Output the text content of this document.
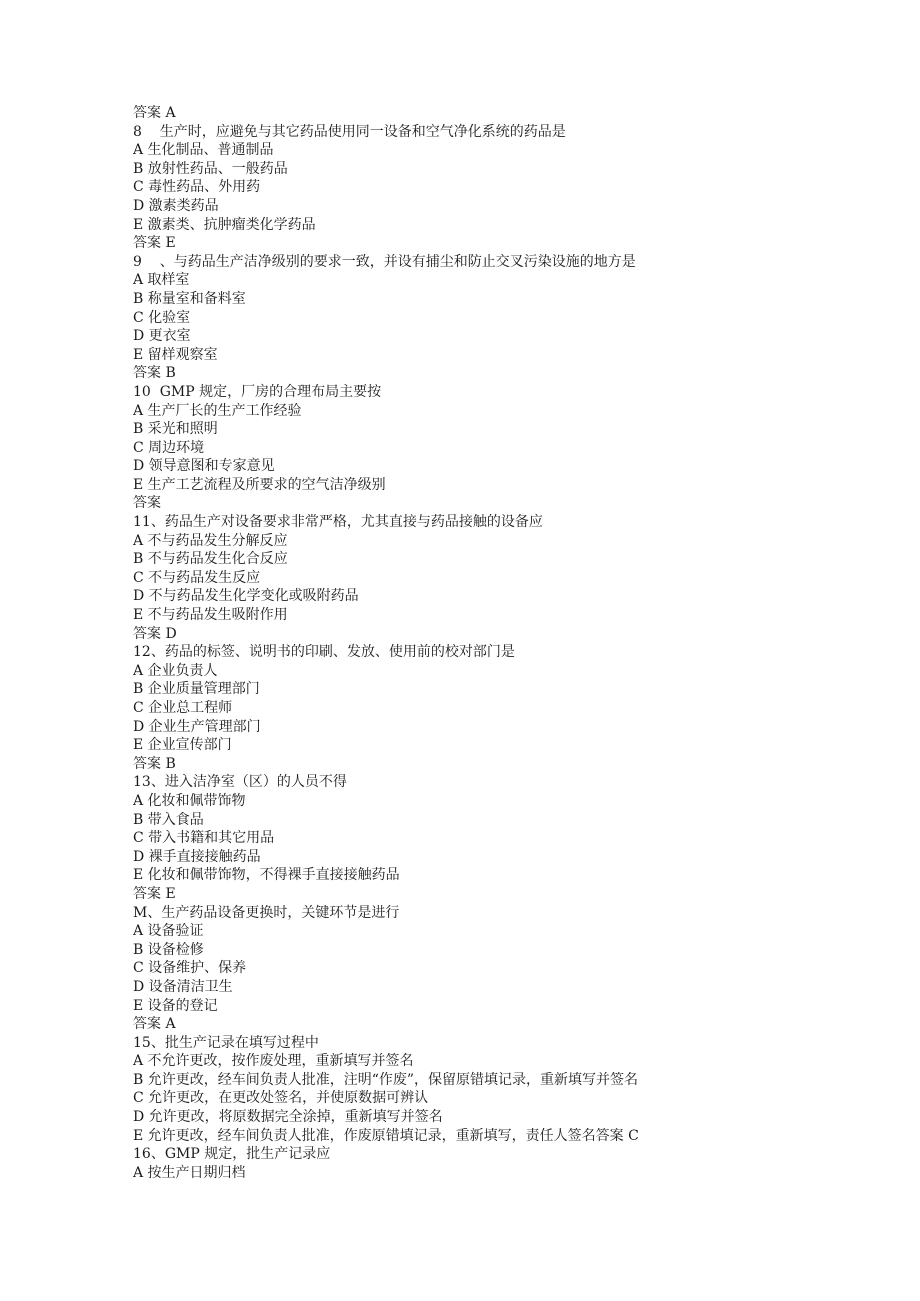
答案 A
8    生产时，应避免与其它药品使用同一设备和空气净化系统的药品是
A 生化制品、普通制品
B 放射性药品、一般药品
C 毒性药品、外用药
D 激素类药品
E 激素类、抗肿瘤类化学药品
答案 E
9    、与药品生产洁净级别的要求一致，并设有捕尘和防止交叉污染设施的地方是
A 取样室
B 称量室和备料室
C 化验室
D 更衣室
E 留样观察室
答案 B
10  GMP 规定，厂房的合理布局主要按
A 生产厂长的生产工作经验
B 采光和照明
C 周边环境
D 领导意图和专家意见
E 生产工艺流程及所要求的空气洁净级别
答案
11、药品生产对设备要求非常严格，尤其直接与药品接触的设备应
A 不与药品发生分解反应
B 不与药品发生化合反应
C 不与药品发生反应
D 不与药品发生化学变化或吸附药品
E 不与药品发生吸附作用
答案 D
12、药品的标签、说明书的印刷、发放、使用前的校对部门是
A 企业负责人
B 企业质量管理部门
C 企业总工程师
D 企业生产管理部门
E 企业宣传部门
答案 B
13、进入洁净室（区）的人员不得
A 化妆和佩带饰物
B 带入食品
C 带入书籍和其它用品
D 裸手直接接触药品
E 化妆和佩带饰物，不得裸手直接接触药品
答案 E
M、生产药品设备更换时，关键环节是进行
A 设备验证
B 设备检修
C 设备维护、保养
D 设备清洁卫生
E 设备的登记
答案 A
15、批生产记录在填写过程中
A 不允许更改，按作废处理，重新填写并签名
B 允许更改，经车间负责人批准，注明“作废”，保留原错填记录，重新填写并签名
C 允许更改，在更改处签名，并使原数据可辨认
D 允许更改，将原数据完全涂掉，重新填写并签名
E 允许更改，经车间负责人批准，作废原错填记录，重新填写，责任人签名答案 C
16、GMP 规定，批生产记录应
A 按生产日期归档
